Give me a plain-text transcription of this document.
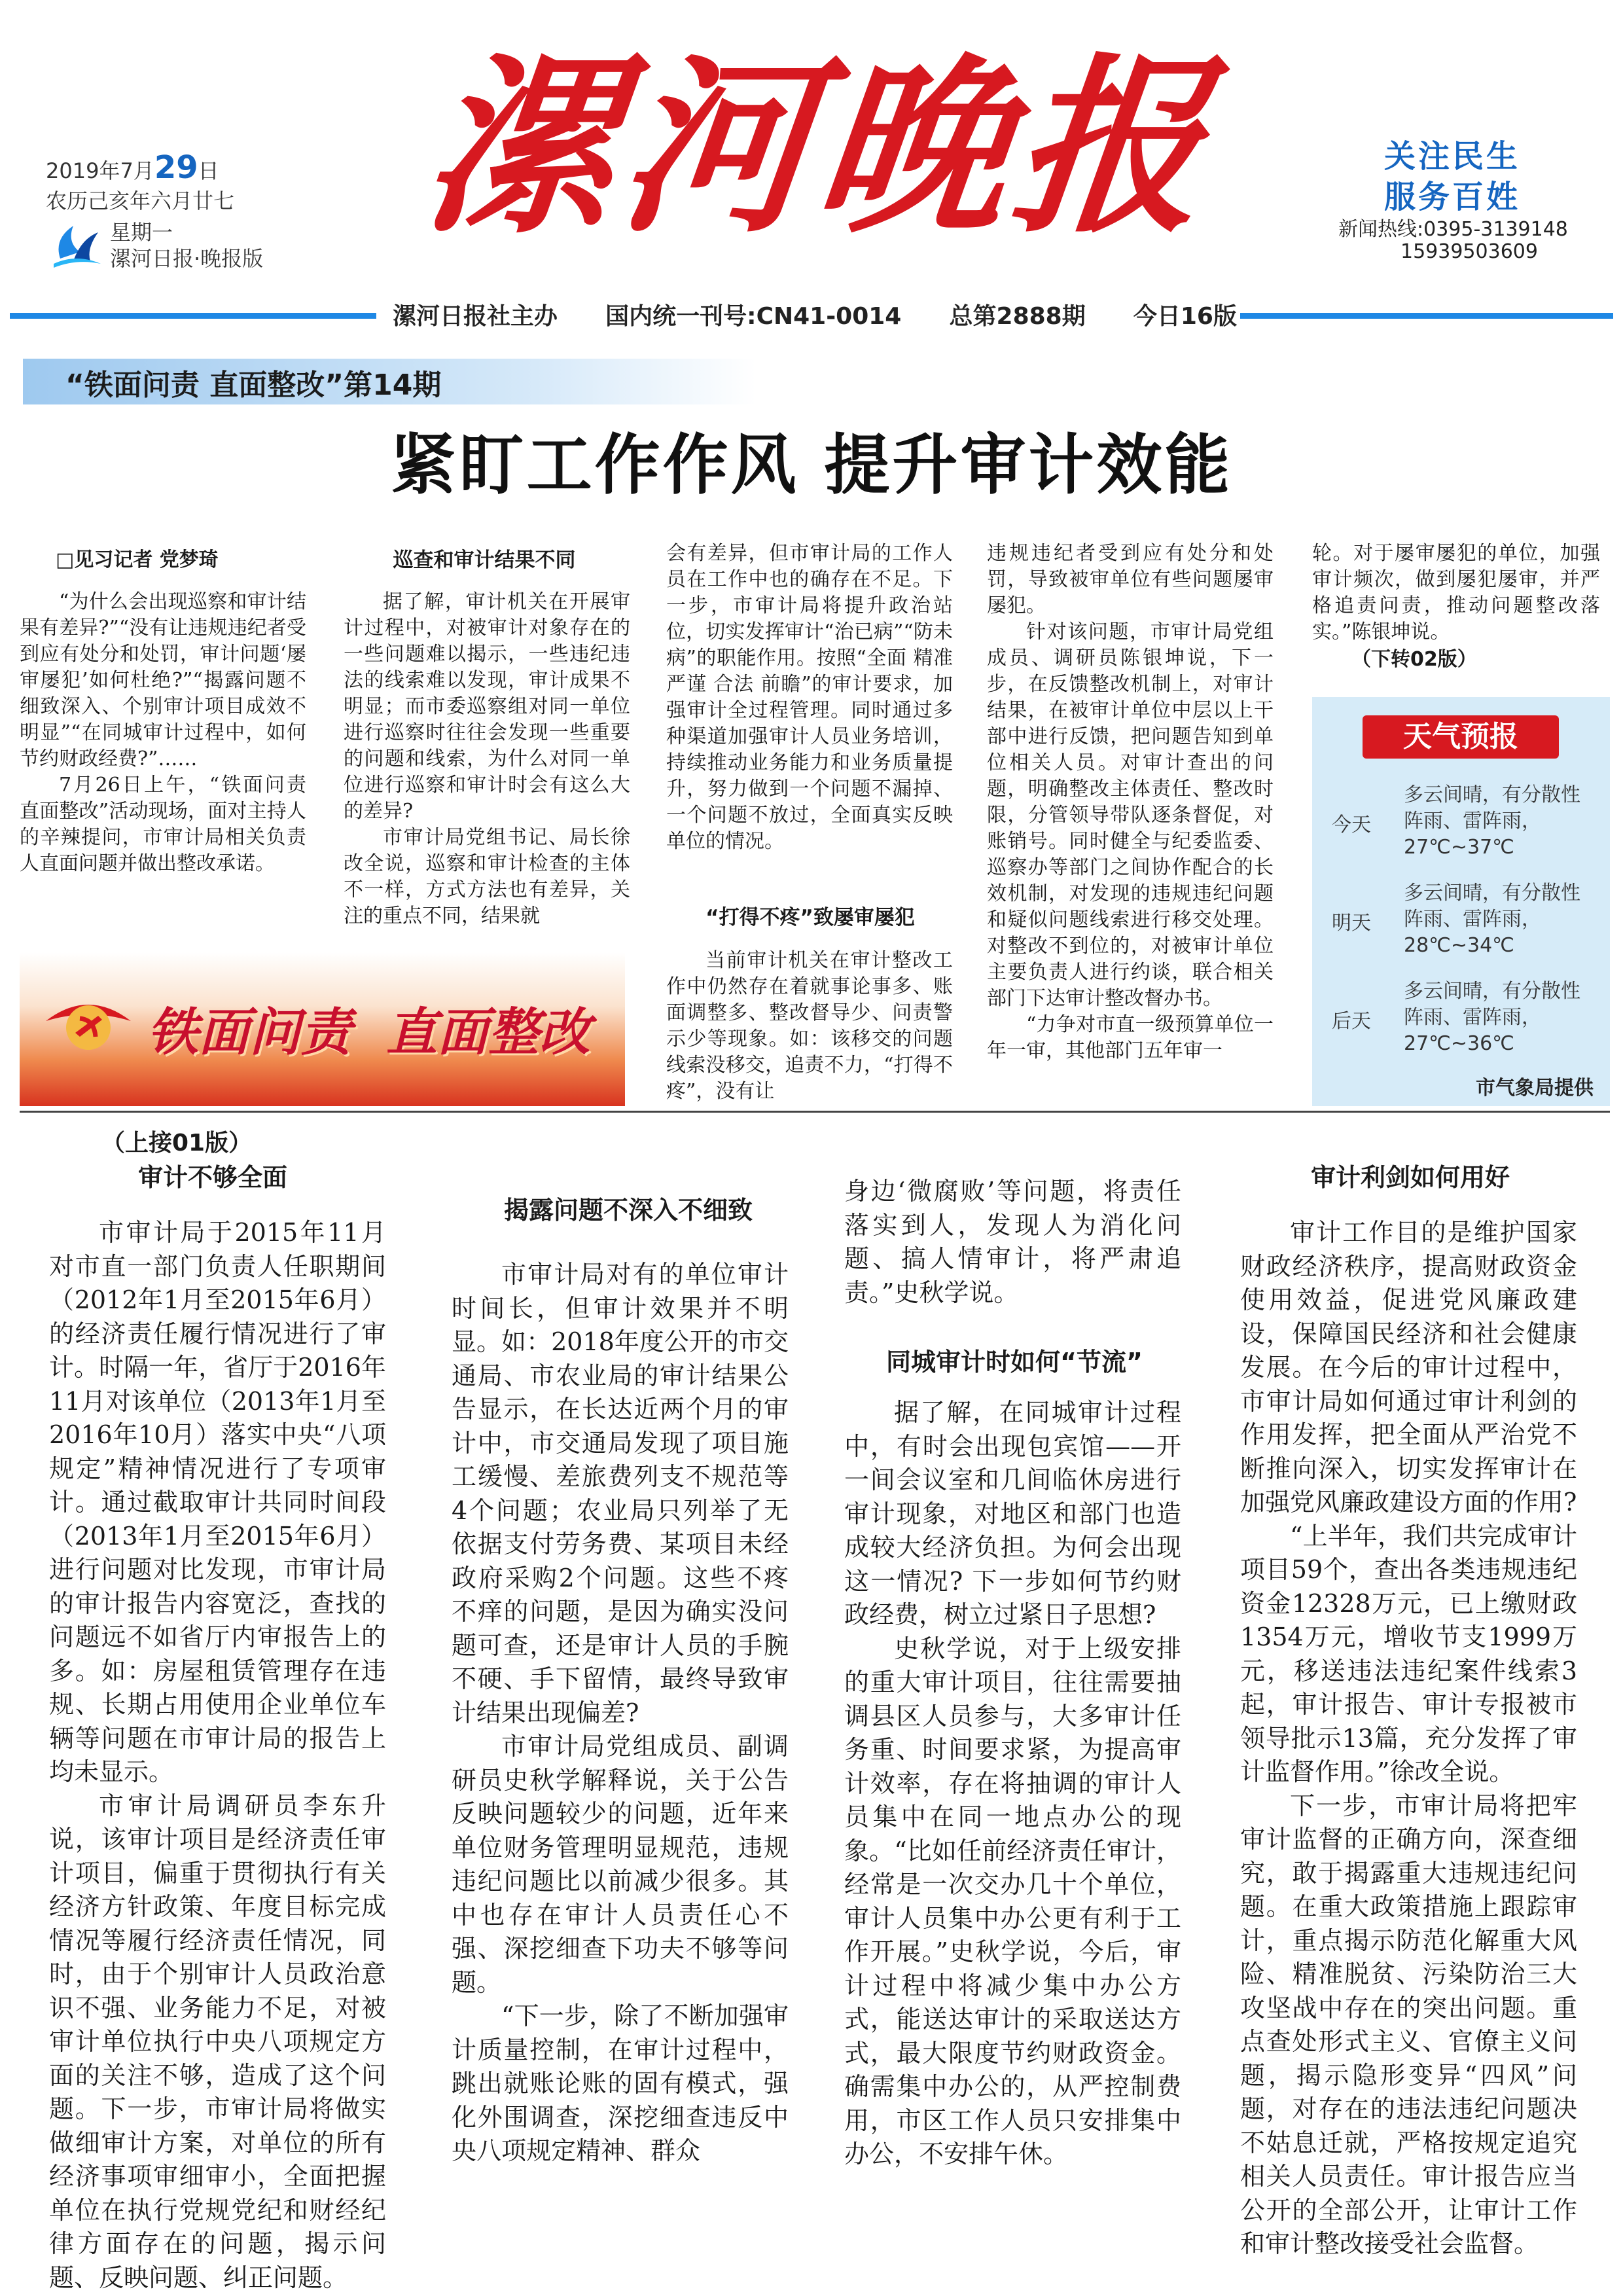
2019年7月29日
农历己亥年六月廿七
星期一
漯河日报·晚报版 漯河晚报	关注民生
服务百姓
新闻热线:0395-3139148
15939503609
漯河日报社主办 国内统一刊号:CN41-0014 总第2888期 今日16版
“铁面问责 直面整改”第14期
紧盯工作作风 提升审计效能
□见习记者 党梦琦

“为什么会出现巡察和审计结果有差异?”“没有让违规违纪者受到应有处分和处罚，审计问题‘屡审屡犯’如何杜绝?”“揭露问题不细致深入、个别审计项目成效不明显”“在同城审计过程中，如何节约财政经费?”……

7月26日上午，“铁面问责 直面整改”活动现场，面对主持人的辛辣提问，市审计局相关负责人直面问题并做出整改承诺。

巡查和审计结果不同

据了解，审计机关在开展审计过程中，对被审计对象存在的一些问题难以揭示，一些违纪违法的线索难以发现，审计成果不明显；而市委巡察组对同一单位进行巡察时往往会发现一些重要的问题和线索，为什么对同一单位进行巡察和审计时会有这么大的差异?

市审计局党组书记、局长徐改全说，巡察和审计检查的主体不一样，方式方法也有差异，关注的重点不同，结果就

会有差异，但市审计局的工作人员在工作中也的确存在不足。下一步，市审计局将提升政治站位，切实发挥审计“治已病”“防未病”的职能作用。按照“全面 精准 严谨 合法 前瞻”的审计要求，加强审计全过程管理。同时通过多种渠道加强审计人员业务培训，持续推动业务能力和业务质量提升，努力做到一个问题不漏掉、一个问题不放过，全面真实反映单位的情况。

“打得不疼”致屡审屡犯

当前审计机关在审计整改工作中仍然存在着就事论事多、账面调整多、整改督导少、问责警示少等现象。如：该移交的问题线索没移交，追责不力，“打得不疼”，没有让

违规违纪者受到应有处分和处罚，导致被审单位有些问题屡审屡犯。

针对该问题，市审计局党组成员、调研员陈银坤说，下一步，在反馈整改机制上，对审计结果，在被审计单位中层以上干部中进行反馈，把问题告知到单位相关人员。对审计查出的问题，明确整改主体责任、整改时限，分管领导带队逐条督促，对账销号。同时健全与纪委监委、巡察办等部门之间协作配合的长效机制，对发现的违规违纪问题和疑似问题线索进行移交处理。对整改不到位的，对被审计单位主要负责人进行约谈，联合相关部门下达审计整改督办书。

“力争对市直一级预算单位一年一审，其他部门五年审一

轮。对于屡审屡犯的单位，加强审计频次，做到屡犯屡审，并严格追责问责，推动问题整改落实。”陈银坤说。

（下转02版）
铁面问责 直面整改
天气预报
今天
多云间晴，有分散性阵雨、雷阵雨，27℃~37℃
明天
多云间晴，有分散性阵雨、雷阵雨，28℃~34℃
后天
多云间晴，有分散性阵雨、雷阵雨，27℃~36℃
市气象局提供
（上接01版）
审计不够全面

市审计局于2015年11月对市直一部门负责人任职期间（2012年1月至2015年6月）的经济责任履行情况进行了审计。时隔一年，省厅于2016年11月对该单位（2013年1月至2016年10月）落实中央“八项规定”精神情况进行了专项审计。通过截取审计共同时间段（2013年1月至2015年6月）进行问题对比发现，市审计局的审计报告内容宽泛，查找的问题远不如省厅内审报告上的多。如：房屋租赁管理存在违规、长期占用使用企业单位车辆等问题在市审计局的报告上均未显示。

市审计局调研员李东升说，该审计项目是经济责任审计项目，偏重于贯彻执行有关经济方针政策、年度目标完成情况等履行经济责任情况，同时，由于个别审计人员政治意识不强、业务能力不足，对被审计单位执行中央八项规定方面的关注不够，造成了这个问题。下一步，市审计局将做实做细审计方案，对单位的所有经济事项审细审小，全面把握单位在执行党规党纪和财经纪律方面存在的问题，揭示问题、反映问题、纠正问题。

揭露问题不深入不细致

市审计局对有的单位审计时间长，但审计效果并不明显。如：2018年度公开的市交通局、市农业局的审计结果公告显示，在长达近两个月的审计中，市交通局发现了项目施工缓慢、差旅费列支不规范等4个问题；农业局只列举了无依据支付劳务费、某项目未经政府采购2个问题。这些不疼不痒的问题，是因为确实没问题可查，还是审计人员的手腕不硬、手下留情，最终导致审计结果出现偏差?

市审计局党组成员、副调研员史秋学解释说，关于公告反映问题较少的问题，近年来单位财务管理明显规范，违规违纪问题比以前减少很多。其中也存在审计人员责任心不强、深挖细查下功夫不够等问题。

“下一步，除了不断加强审计质量控制，在审计过程中，跳出就账论账的固有模式，强化外围调查，深挖细查违反中央八项规定精神、群众

身边‘微腐败’等问题，将责任落实到人，发现人为消化问题、搞人情审计，将严肃追责。”史秋学说。

同城审计时如何“节流”

据了解，在同城审计过程中，有时会出现包宾馆——开一间会议室和几间临休房进行审计现象，对地区和部门也造成较大经济负担。为何会出现这一情况? 下一步如何节约财政经费，树立过紧日子思想?

史秋学说，对于上级安排的重大审计项目，往往需要抽调县区人员参与，大多审计任务重、时间要求紧，为提高审计效率，存在将抽调的审计人员集中在同一地点办公的现象。“比如任前经济责任审计，经常是一次交办几十个单位，审计人员集中办公更有利于工作开展。”史秋学说，今后，审计过程中将减少集中办公方式，能送达审计的采取送达方式，最大限度节约财政资金。确需集中办公的，从严控制费用，市区工作人员只安排集中办公，不安排午休。

审计利剑如何用好

审计工作目的是维护国家财政经济秩序，提高财政资金使用效益，促进党风廉政建设，保障国民经济和社会健康发展。在今后的审计过程中，市审计局如何通过审计利剑的作用发挥，把全面从严治党不断推向深入，切实发挥审计在加强党风廉政建设方面的作用?

“上半年，我们共完成审计项目59个，查出各类违规违纪资金12328万元，已上缴财政1354万元，增收节支1999万元，移送违法违纪案件线索3起，审计报告、审计专报被市领导批示13篇，充分发挥了审计监督作用。”徐改全说。

下一步，市审计局将把牢审计监督的正确方向，深查细究，敢于揭露重大违规违纪问题。在重大政策措施上跟踪审计，重点揭示防范化解重大风险、精准脱贫、污染防治三大攻坚战中存在的突出问题。重点查处形式主义、官僚主义问题，揭示隐形变异“四风”问题，对存在的违法违纪问题决不姑息迁就，严格按规定追究相关人员责任。审计报告应当公开的全部公开，让审计工作和审计整改接受社会监督。
